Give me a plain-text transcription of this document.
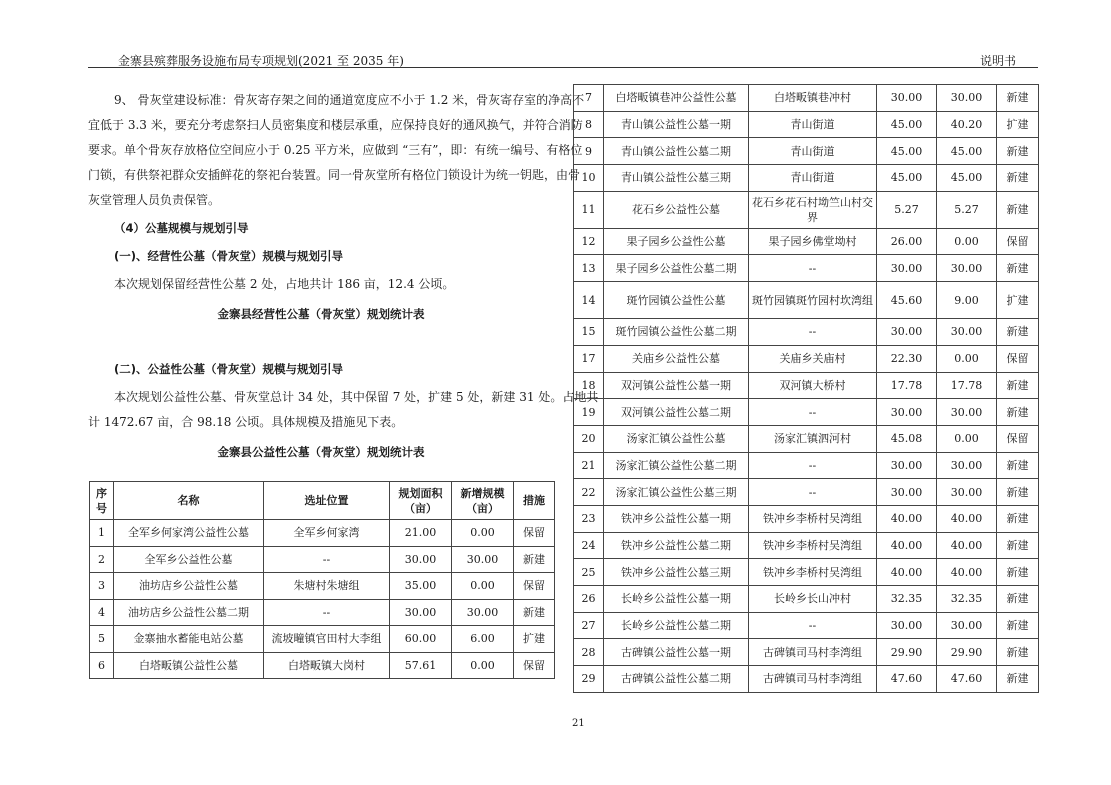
金寨县殡葬服务设施布局专项规划(2021 至 2035 年)	说明书
9、 骨灰堂建设标准：骨灰寄存架之间的通道宽度应不小于 1.2 米，骨灰寄存室的净高不
宜低于 3.3 米，要充分考虑祭扫人员密集度和楼层承重，应保持良好的通风换气，并符合消防
要求。单个骨灰存放格位空间应小于 0.25 平方米，应做到 “三有”，即：有统一编号、有格位
门锁，有供祭祀群众安插鲜花的祭祀台装置。同一骨灰堂所有格位门锁设计为统一钥匙，由骨
灰堂管理人员负责保管。
（4）公墓规模与规划引导
(一)、经营性公墓（骨灰堂）规模与规划引导
本次规划保留经营性公墓 2 处，占地共计 186 亩，12.4 公顷。
金寨县经营性公墓（骨灰堂）规划统计表
(二)、公益性公墓（骨灰堂）规模与规划引导
本次规划公益性公墓、骨灰堂总计 34 处，其中保留 7 处，扩建 5 处，新建 31 处。占地共
计 1472.67 亩，合 98.18 公顷。具体规模及措施见下表。
金寨县公益性公墓（骨灰堂）规划统计表
序号	名称	选址位置	规划面积（亩）	新增规模（亩）	措施
1	全军乡何家湾公益性公墓	全军乡何家湾	21.00	0.00	保留
2	全军乡公益性公墓	--	30.00	30.00	新建
3	油坊店乡公益性公墓	朱塘村朱塘组	35.00	0.00	保留
4	油坊店乡公益性公墓二期	--	30.00	30.00	新建
5	金寨抽水蓄能电站公墓	流坡疃镇官田村大李组	60.00	6.00	扩建
6	白塔畈镇公益性公墓	白塔畈镇大岗村	57.61	0.00	保留
7	白塔畈镇巷冲公益性公墓	白塔畈镇巷冲村	30.00	30.00	新建
8	青山镇公益性公墓一期	青山街道	45.00	40.20	扩建
9	青山镇公益性公墓二期	青山街道	45.00	45.00	新建
10	青山镇公益性公墓三期	青山街道	45.00	45.00	新建
11	花石乡公益性公墓	花石乡花石村坳竺山村交界	5.27	5.27	新建
12	果子园乡公益性公墓	果子园乡佛堂坳村	26.00	0.00	保留
13	果子园乡公益性公墓二期	--	30.00	30.00	新建
14	斑竹园镇公益性公墓	斑竹园镇斑竹园村坎湾组	45.60	9.00	扩建
15	斑竹园镇公益性公墓二期	--	30.00	30.00	新建
17	关庙乡公益性公墓	关庙乡关庙村	22.30	0.00	保留
18	双河镇公益性公墓一期	双河镇大桥村	17.78	17.78	新建
19	双河镇公益性公墓二期	--	30.00	30.00	新建
20	汤家汇镇公益性公墓	汤家汇镇泗河村	45.08	0.00	保留
21	汤家汇镇公益性公墓二期	--	30.00	30.00	新建
22	汤家汇镇公益性公墓三期	--	30.00	30.00	新建
23	铁冲乡公益性公墓一期	铁冲乡李桥村吴湾组	40.00	40.00	新建
24	铁冲乡公益性公墓二期	铁冲乡李桥村吴湾组	40.00	40.00	新建
25	铁冲乡公益性公墓三期	铁冲乡李桥村吴湾组	40.00	40.00	新建
26	长岭乡公益性公墓一期	长岭乡长山冲村	32.35	32.35	新建
27	长岭乡公益性公墓二期	--	30.00	30.00	新建
28	古碑镇公益性公墓一期	古碑镇司马村李湾组	29.90	29.90	新建
29	古碑镇公益性公墓二期	古碑镇司马村李湾组	47.60	47.60	新建
21
